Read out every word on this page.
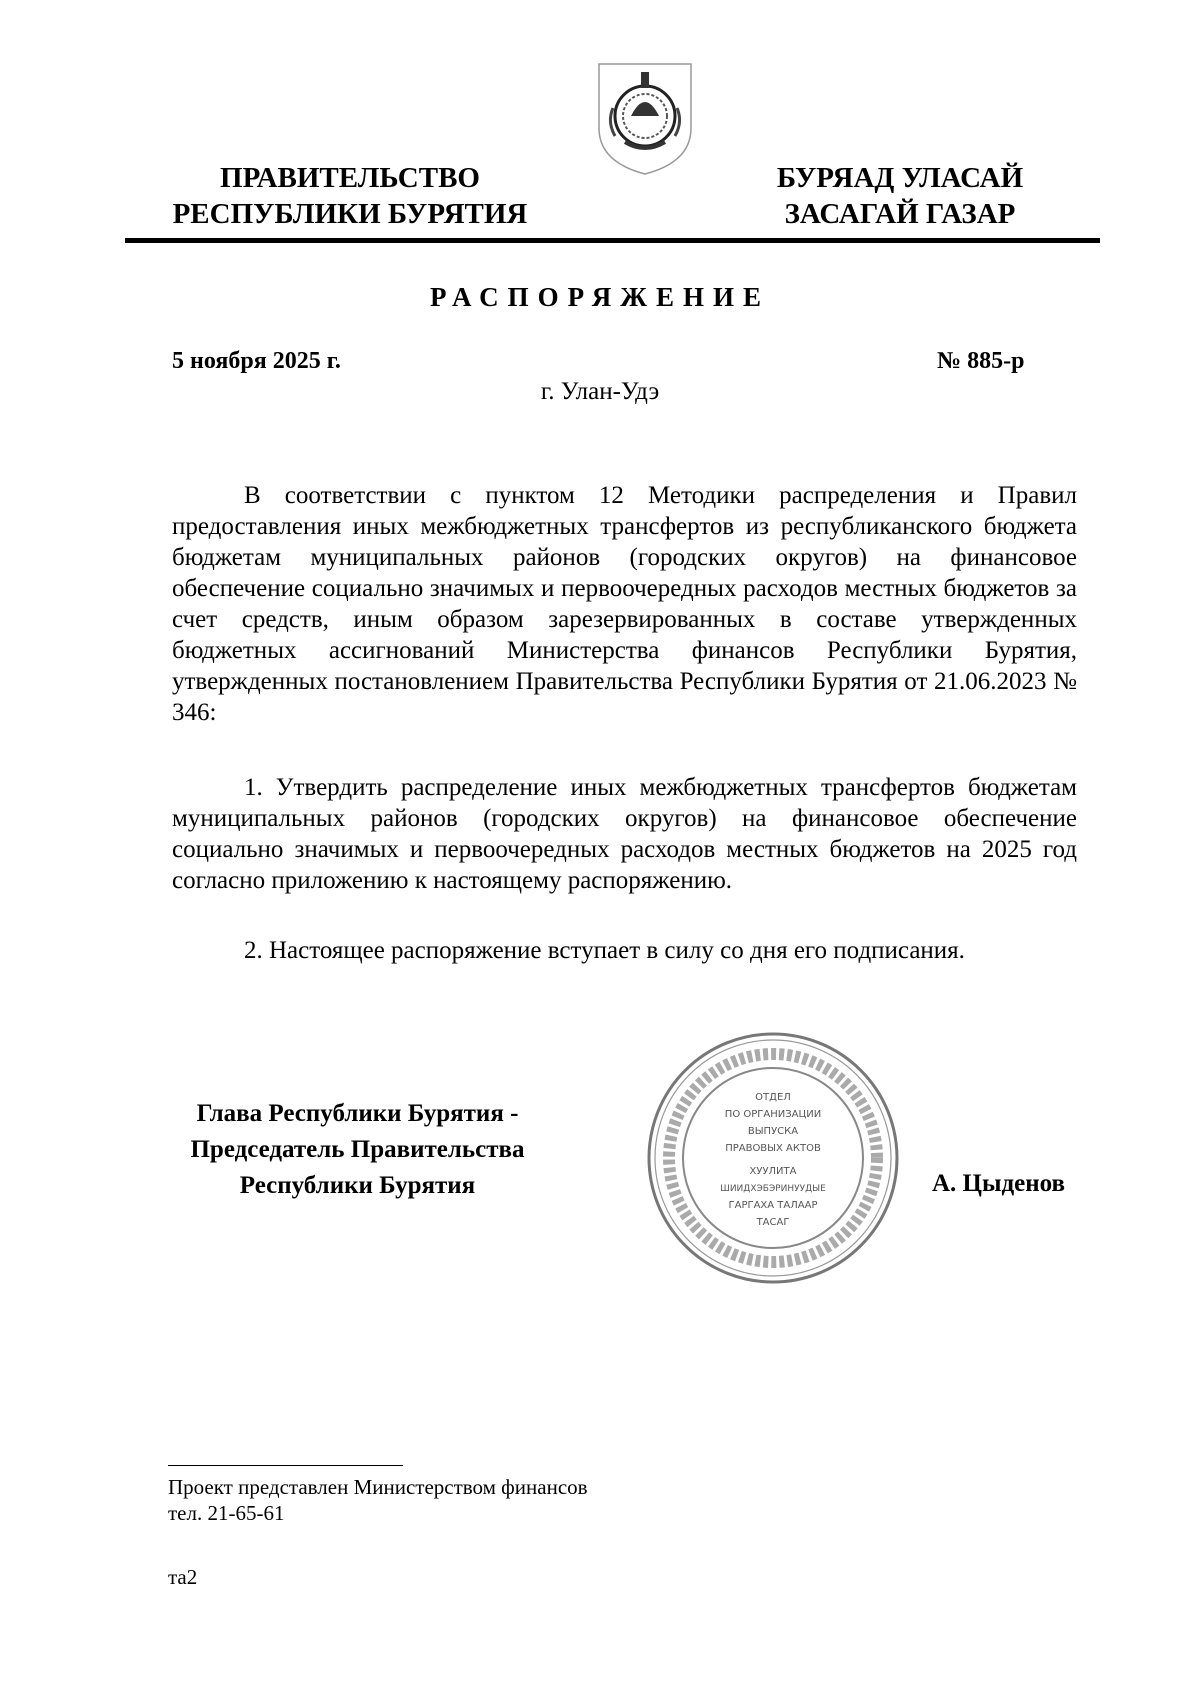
ПРАВИТЕЛЬСТВО
РЕСПУБЛИКИ БУРЯТИЯ
БУРЯАД УЛАСАЙ
ЗАСАГАЙ ГАЗАР
РАСПОРЯЖЕНИЕ
5 ноября 2025 г.	№ 885-р
г. Улан-Удэ

В соответствии с пунктом 12 Методики распределения и Правил предоставления иных межбюджетных трансфертов из республиканского бюджета бюджетам муниципальных районов (городских округов) на финансовое обеспечение социально значимых и первоочередных расходов местных бюджетов за счет средств, иным образом зарезервированных в составе утвержденных бюджетных ассигнований Министерства финансов Республики Бурятия, утвержденных постановлением Правительства Республики Бурятия от 21.06.2023 № 346:

1. Утвердить распределение иных межбюджетных трансфертов бюджетам муниципальных районов (городских округов) на финансовое обеспечение социально значимых и первоочередных расходов местных бюджетов на 2025 год согласно приложению к настоящему распоряжению.

2. Настоящее распоряжение вступает в силу со дня его подписания.

Глава Республики Бурятия -
Председатель Правительства
Республики Бурятия
ОТДЕЛ
ПО ОРГАНИЗАЦИИ
ВЫПУСКА
ПРАВОВЫХ АКТОВ
ХУУЛИТА
ШИИДХЭБЭРИНУУДЫЕ
ГАРГАХА ТАЛААР
ТАСАГ
А. Цыденов
Проект представлен Министерством финансов
тел. 21-65-61
та2
